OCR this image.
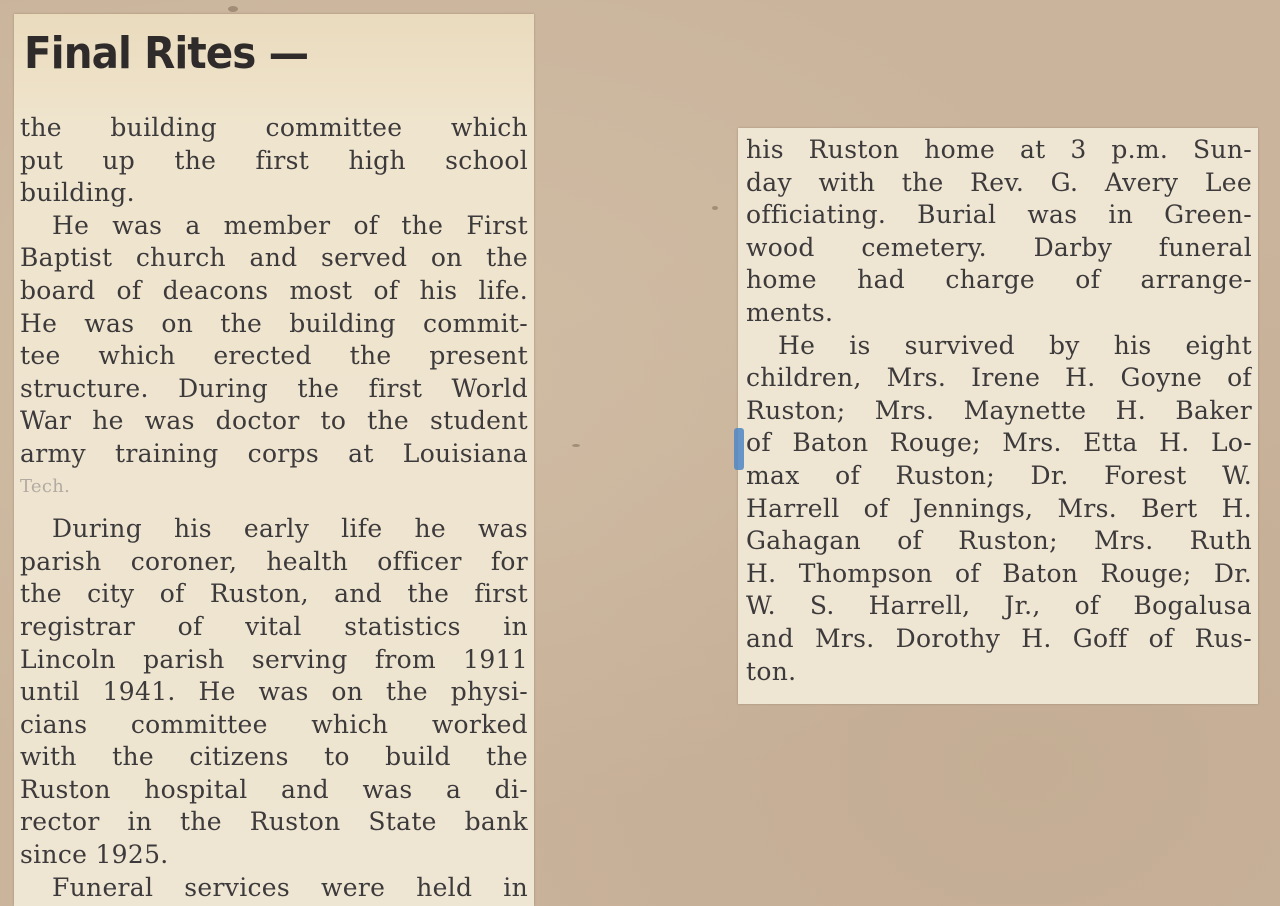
Final Rites —
the building committee which
put up the first high school
building.
He was a member of the First
Baptist church and served on the
board of deacons most of his life.
He was on the building commit-
tee which erected the present
structure. During the first World
War he was doctor to the student
army training corps at Louisiana
Tech.
During his early life he was
parish coroner, health officer for
the city of Ruston, and the first
registrar of vital statistics in
Lincoln parish serving from 1911
until 1941. He was on the physi-
cians committee which worked
with the citizens to build the
Ruston hospital and was a di-
rector in the Ruston State bank
since 1925.
Funeral services were held in
his Ruston home at 3 p.m. Sun-
day with the Rev. G. Avery Lee
officiating. Burial was in Green-
wood cemetery. Darby funeral
home had charge of arrange-
ments.
He is survived by his eight
children, Mrs. Irene H. Goyne of
Ruston; Mrs. Maynette H. Baker
of Baton Rouge; Mrs. Etta H. Lo-
max of Ruston; Dr. Forest W.
Harrell of Jennings, Mrs. Bert H.
Gahagan of Ruston; Mrs. Ruth
H. Thompson of Baton Rouge; Dr.
W. S. Harrell, Jr., of Bogalusa
and Mrs. Dorothy H. Goff of Rus-
ton.
